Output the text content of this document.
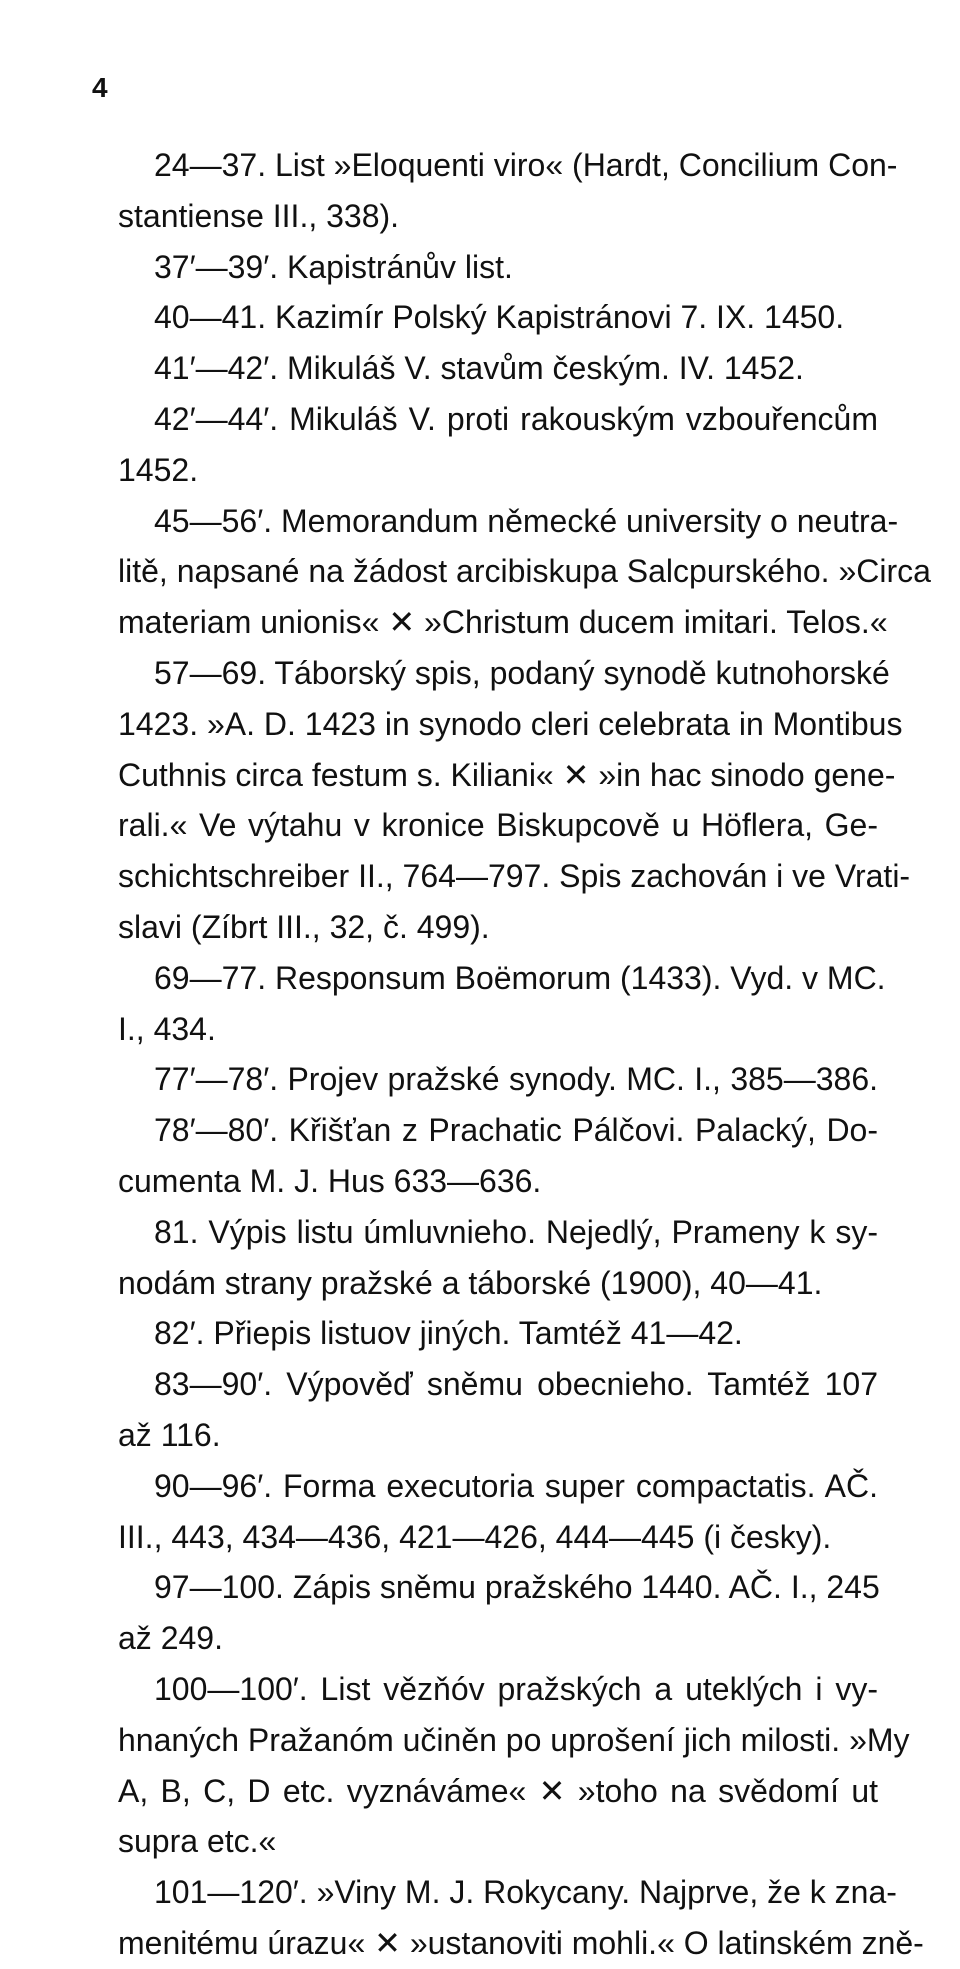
4
24—37. List »Eloquenti viro« (Hardt, Concilium Con-
stantiense III., 338).
37′—39′. Kapistránův list.
40—41. Kazimír Polský Kapistránovi 7. IX. 1450.
41′—42′. Mikuláš V. stavům českým. IV. 1452.
42′—44′. Mikuláš V. proti rakouským vzbouřencům
1452.
45—56′. Memorandum německé university o neutra-
litě, napsané na žádost arcibiskupa Salcpurského. »Circa
materiam unionis« ✕ »Christum ducem imitari. Telos.«
57—69. Táborský spis, podaný synodě kutnohorské
1423. »A. D. 1423 in synodo cleri celebrata in Montibus
Cuthnis circa festum s. Kiliani« ✕ »in hac sinodo gene-
rali.« Ve výtahu v kronice Biskupcově u Höflera, Ge-
schichtschreiber II., 764—797. Spis zachován i ve Vrati-
slavi (Zíbrt III., 32, č. 499).
69—77. Responsum Boëmorum (1433). Vyd. v MC.
I., 434.
77′—78′. Projev pražské synody. MC. I., 385—386.
78′—80′. Křišťan z Prachatic Pálčovi. Palacký, Do-
cumenta M. J. Hus 633—636.
81. Výpis listu úmluvnieho. Nejedlý, Prameny k sy-
nodám strany pražské a táborské (1900), 40—41.
82′. Přiepis listuov jiných. Tamtéž 41—42.
83—90′. Výpověď sněmu obecnieho. Tamtéž 107
až 116.
90—96′. Forma executoria super compactatis. AČ.
III., 443, 434—436, 421—426, 444—445 (i česky).
97—100. Zápis sněmu pražského 1440. AČ. I., 245
až 249.
100—100′. List vězňóv pražských a uteklých i vy-
hnaných Pražanóm učiněn po uprošení jich milosti. »My
A, B, C, D etc. vyznáváme« ✕ »toho na svědomí ut
supra etc.«
101—120′. »Viny M. J. Rokycany. Najprve, že k zna-
menitému úrazu« ✕ »ustanoviti mohli.« O latinském zně-
